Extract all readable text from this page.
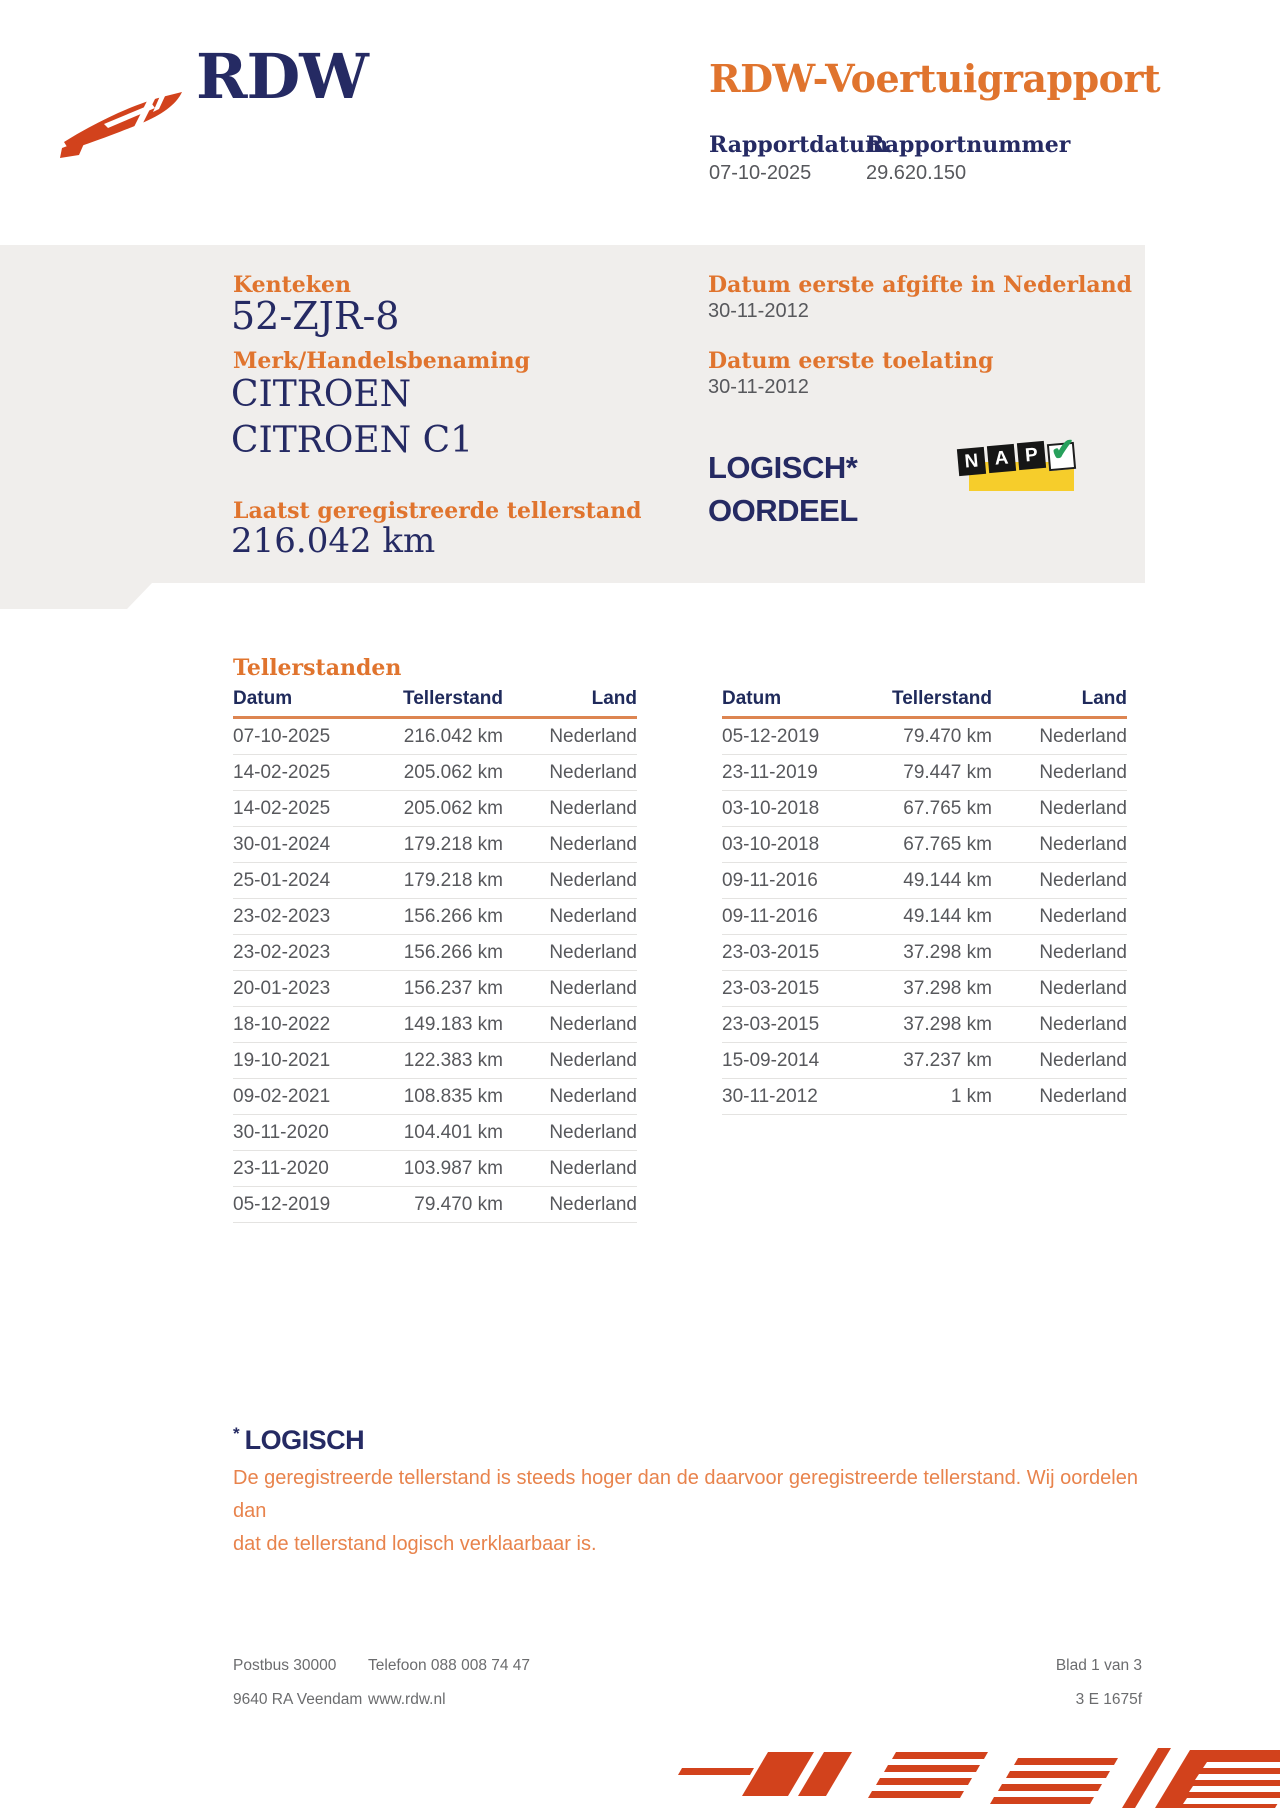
RDW	RDW-Voertuigrapport
Rapportdatum
07-10-2025
Rapportnummer
29.620.150
Kenteken
52-ZJR-8
Merk/Handelsbenaming
CITROEN CITROEN C1
Laatst geregistreerde tellerstand
216.042 km
Datum eerste afgifte in Nederland
30-11-2012
Datum eerste toelating
30-11-2012
LOGISCH*
OORDEEL
N A P ✔
Tellerstanden
Datum	Tellerstand	Land
07-10-2025	216.042 km	Nederland
14-02-2025	205.062 km	Nederland
14-02-2025	205.062 km	Nederland
30-01-2024	179.218 km	Nederland
25-01-2024	179.218 km	Nederland
23-02-2023	156.266 km	Nederland
23-02-2023	156.266 km	Nederland
20-01-2023	156.237 km	Nederland
18-10-2022	149.183 km	Nederland
19-10-2021	122.383 km	Nederland
09-02-2021	108.835 km	Nederland
30-11-2020	104.401 km	Nederland
23-11-2020	103.987 km	Nederland
05-12-2019	79.470 km	Nederland
Datum	Tellerstand	Land
05-12-2019	79.470 km	Nederland
23-11-2019	79.447 km	Nederland
03-10-2018	67.765 km	Nederland
03-10-2018	67.765 km	Nederland
09-11-2016	49.144 km	Nederland
09-11-2016	49.144 km	Nederland
23-03-2015	37.298 km	Nederland
23-03-2015	37.298 km	Nederland
23-03-2015	37.298 km	Nederland
15-09-2014	37.237 km	Nederland
30-11-2012	1 km	Nederland
* LOGISCH
De geregistreerde tellerstand is steeds hoger dan de daarvoor geregistreerde tellerstand. Wij oordelen dan
dat de tellerstand logisch verklaarbaar is.
Postbus 30000
9640 RA Veendam
Telefoon 088 008 74 47
www.rdw.nl
Blad 1 van 3
3 E 1675f
